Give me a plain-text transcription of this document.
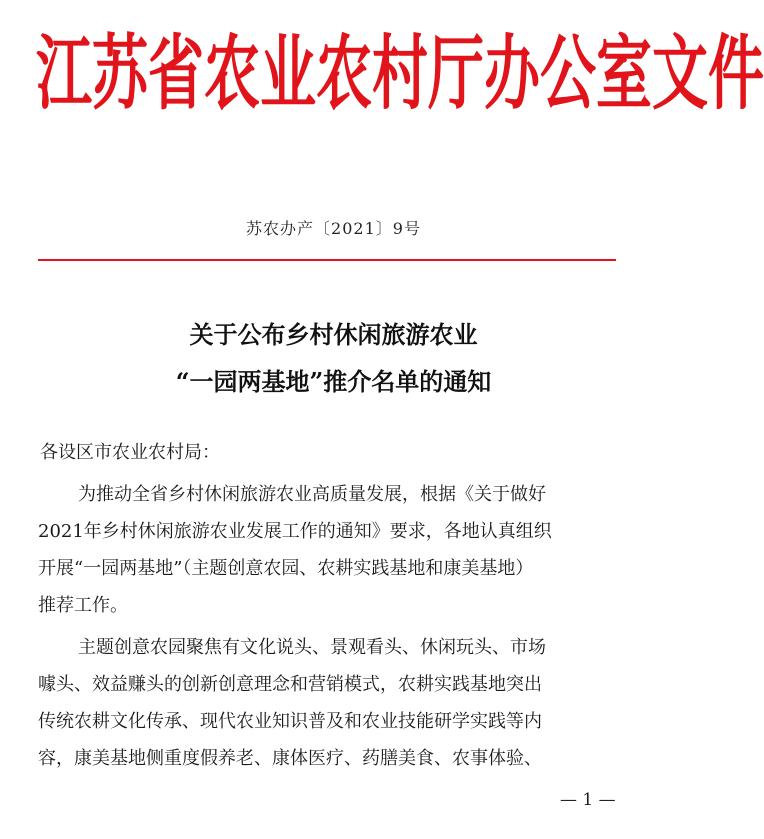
江苏省农业农村厅办公室文件
苏农办产〔2021〕9号
关于公布乡村休闲旅游农业
“一园两基地”推介名单的通知
各设区市农业农村局：
为推动全省乡村休闲旅游农业高质量发展，根据《关于做好
2021年乡村休闲旅游农业发展工作的通知》要求，各地认真组织
开展“一园两基地”（主题创意农园、农耕实践基地和康美基地）
推荐工作。
主题创意农园聚焦有文化说头、景观看头、休闲玩头、市场
噱头、效益赚头的创新创意理念和营销模式，农耕实践基地突出
传统农耕文化传承、现代农业知识普及和农业技能研学实践等内
容，康美基地侧重度假养老、康体医疗、药膳美食、农事体验、
— 1 —
